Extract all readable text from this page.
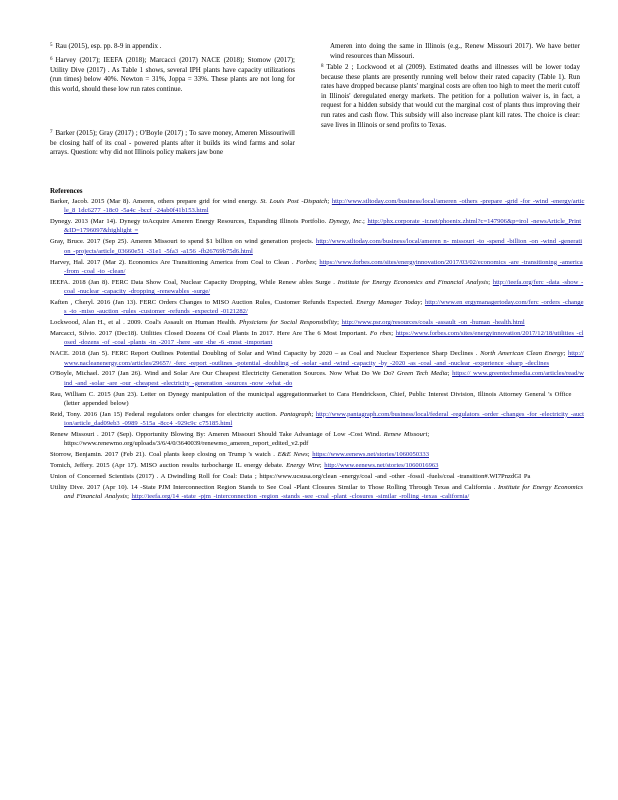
$^5$ Rau (2015), esp. pp. 8-9 in appendix .
$^6$ Harvey (2017); IEEFA (2018); Marcacci (2017) NACE (2018); Stomow (2017); Utility Dive (2017) . As Table 1 shows, several IPH plants have capacity utilizations (run times) below 40%. Newton = 31%, Joppa = 33%. These plants are not long for this world, should these low run rates continue.
$^7$ Barker (2015); Gray (2017) ; O'Boyle (2017) ; To save money, Ameren Missouriwill be closing half of its coal - powered plants after it builds its wind farms and solar arrays. Question: why did not Illinois policy makers jaw bone
Ameren into doing the same in Illinois (e.g., Renew Missouri 2017). We have better wind resources than Missouri.
$^8$ Table 2 ; Lockwood et al (2009). Estimated deaths and illnesses will be lower today because these plants are presently running well below their rated capacity (Table 1). Run rates have dropped because plants' marginal costs are often too high to meet the merit cutoff in Illinois' deregulated energy markets. The petition for a pollution waiver is, in fact, a request for a hidden subsidy that would cut the marginal cost of plants thus improving their run rates and cash flow. This subsidy will also increase plant kill rates. The choice is clear: save lives in Illinois or send profits to Texas.
References
Barker, Jacob. 2015 (Mar 8). Ameren, others prepare grid for wind energy. St. Louis Post -Dispatch; http://www.stltoday.com/business/local/ameren -others -prepare -grid -for -wind -energy/article_8 1dc6277 -18c0 -5a4c -bccf -24ab0f41b153.html
Dynegy. 2013 (Mar 14). Dynegy toAcquire Ameren Energy Resources, Expanding Illinois Portfolio. Dynegy, Inc.; http://phx.corporate -ir.net/phoenix.zhtml?c=147906&p=irol -newsArticle_Print&ID=1796097&highlight =
Gray, Bruce. 2017 (Sep 25). Ameren Missouri to spend $1 billion on wind generation projects. http://www.stltoday.com/business/local/ameren n- missouri -to -spend -billion -on -wind -generation -projects/article_03660e51 -31e1 -5fa3 -a156 -fb26769b75d6.html
Harvey, Hal. 2017 (Mar 2). Economics Are Transitioning America from Coal to Clean . Forbes; https://www.forbes.com/sites/energyinnovation/2017/03/02/economics -are -transitioning -america -from -coal -to -clean/
IEEFA. 2018 (Jan 8). FERC Data Show Coal, Nuclear Capacity Dropping, While Renew ables Surge . Institute for Energy Economics and Financial Analysis; http://ieefa.org/ferc -data -show -coal -nuclear -capacity -dropping -renewables -surge/
Kaften , Cheryl. 2016 (Jan 13). FERC Orders Changes to MISO Auction Rules, Customer Refunds Expected. Energy Manager Today; http://www.en ergymanagertoday.com/ferc -orders -changes -to -miso -auction -rules -customer -refunds -expected -0121282/
Lockwood, Alan H., et al . 2009. Coal's Assault on Human Health. Physicians for Social Responsibility; http://www.psr.org/resources/coals -assault -on -human -health.html
Marcacci, Silvio. 2017 (Dec18). Utilities Closed Dozens Of Coal Plants In 2017. Here Are The 6 Most Important. Fo rbes; https://www.forbes.com/sites/energyinnovation/2017/12/18/utilities -closed -dozens -of -coal -plants -in -2017 -here -are -the -6 -most -important
NACE. 2018 (Jan 5). FERC Report Outlines Potential Doubling of Solar and Wind Capacity by 2020 – as Coal and Nuclear Experience Sharp Declines . North American Clean Energy; http://www.nacleanenergy.com/articles/29657/ -ferc -report -outlines -potential -doubling -of -solar -and -wind -capacity -by -2020 -as -coal -and -nuclear -experience -sharp -declines
O'Boyle, Michael. 2017 (Jan 26). Wind and Solar Are Our Cheapest Electricity Generation Sources. Now What Do We Do? Green Tech Media; https:// www.greentechmedia.com/articles/read/wind -and -solar -are -our -cheapest -electricity -generation -sources -now -what -do
Rau, William C. 2015 (Jun 23). Letter on Dynegy manipulation of the municipal aggregationmarket to Cara Hendrickson, Chief, Public Interest Division, Illinois Attorney General 's Office (letter appended below)
Reid, Tony. 2016 (Jan 15) Federal regulators order changes for electricity auction. Pantagraph; http://www.pantagraph.com/business/local/federal -regulators -order -changes -for -electricity -auction/article_dad09eb3 -0989 -515a -8cc4 -929c9c c75185.html
Renew Missouri . 2017 (Sep). Opportunity Blowing By: Ameren Missouri Should Take Advantage of Low -Cost Wind. Renew Missouri; https://www.renewmo.org/uploads/3/6/4/0/3640039/renewmo_ameren_report_edited_v2.pdf
Storrow, Benjamin. 2017 (Feb 21). Coal plants keep closing on Trump 's watch . E&E News; https://www.eenews.net/stories/1060050333
Tomich, Jeffery. 2015 (Apr 17). MISO auction results turbocharge IL energy debate. Energy Wire; http://www.eenews.net/stories/1060016963
Union of Concerned Scientists (2017) . A Dwindling Roll for Coal: Data ; https://www.ucsusa.org/clean -energy/coal -and -other -fossil -fuels/coal -transition#.WI7PnzdGI Pa
Utility Dive. 2017 (Apr 10). 14 -State PJM Interconnection Region Stands to See Coal -Plant Closures Similar to Those Rolling Through Texas and California . Institute for Energy Economics and Financial Analysis; http://ieefa.org/14 -state -pjm -interconnection -region -stands -see -coal -plant -closures -similar -rolling -texas -california/
